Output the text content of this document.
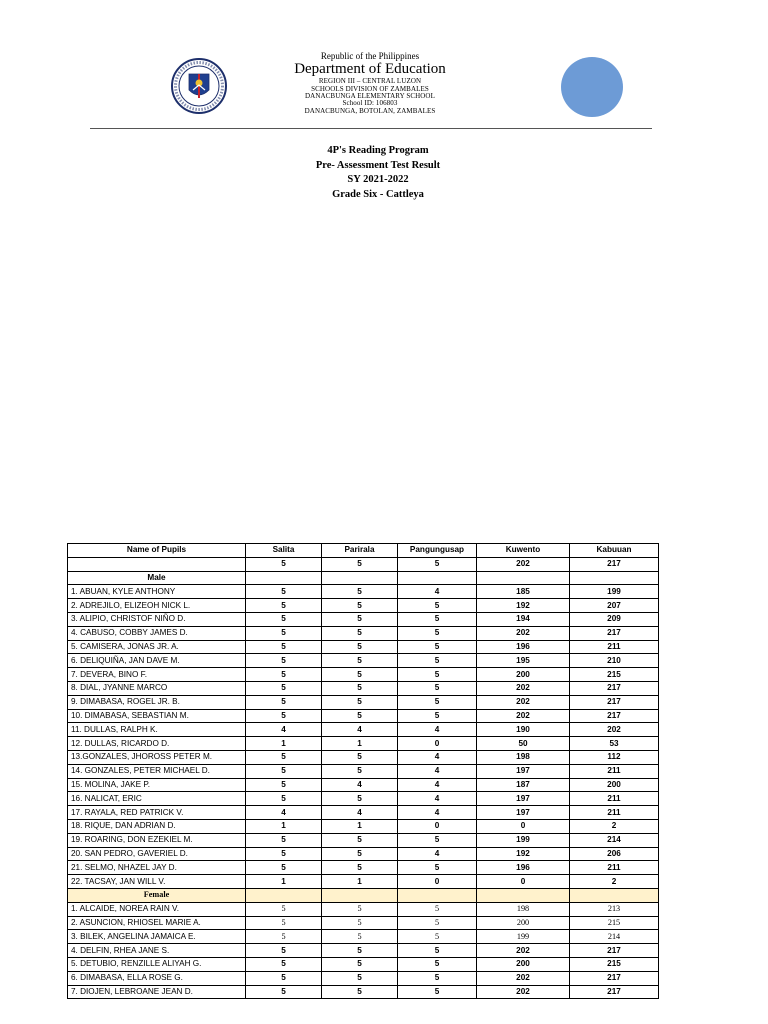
Republic of the Philippines
Department of Education
REGION III – CENTRAL LUZON
SCHOOLS DIVISION OF ZAMBALES
DANACBUNGA ELEMENTARY SCHOOL
School ID: 106803
DANACBUNGA, BOTOLAN, ZAMBALES
4P's Reading Program
Pre- Assessment Test Result
SY 2021-2022
Grade Six - Cattleya
Name of Pupils	Salita	Parirala	Pangungusap	Kuwento	Kabuuan
	5	5	5	202	217
Male					
1. ABUAN, KYLE ANTHONY	5	5	4	185	199
2. ADREJILO, ELIZEOH NICK L.	5	5	5	192	207
3. ALIPIO, CHRISTOF NIÑO D.	5	5	5	194	209
4. CABUSO, COBBY JAMES D.	5	5	5	202	217
5. CAMISERA, JONAS JR. A.	5	5	5	196	211
6. DELIQUIÑA, JAN DAVE M.	5	5	5	195	210
7. DEVERA, BINO F.	5	5	5	200	215
8. DIAL, JYANNE MARCO	5	5	5	202	217
9. DIMABASA, ROGEL JR. B.	5	5	5	202	217
10. DIMABASA, SEBASTIAN M.	5	5	5	202	217
11. DULLAS, RALPH K.	4	4	4	190	202
12. DULLAS, RICARDO D.	1	1	0	50	53
13.GONZALES, JHOROSS PETER M.	5	5	4	198	112
14. GONZALES, PETER MICHAEL D.	5	5	4	197	211
15. MOLINA, JAKE P.	5	4	4	187	200
16. NALICAT, ERIC	5	5	4	197	211
17. RAYALA, RED PATRICK V.	4	4	4	197	211
18. RIQUE, DAN ADRIAN D.	1	1	0	0	2
19. ROARING, DON EZEKIEL M.	5	5	5	199	214
20. SAN PEDRO, GAVERIEL D.	5	5	4	192	206
21. SELMO, NHAZEL JAY D.	5	5	5	196	211
22. TACSAY, JAN WILL V.	1	1	0	0	2
Female					
1. ALCAIDE, NOREA RAIN V.	5	5	5	198	213
2. ASUNCION, RHIOSEL MARIE A.	5	5	5	200	215
3. BILEK, ANGELINA JAMAICA E.	5	5	5	199	214
4. DELFIN, RHEA JANE S.	5	5	5	202	217
5. DETUBIO, RENZILLE ALIYAH G.	5	5	5	200	215
6. DIMABASA, ELLA ROSE G.	5	5	5	202	217
7. DIOJEN, LEBROANE JEAN D.	5	5	5	202	217
